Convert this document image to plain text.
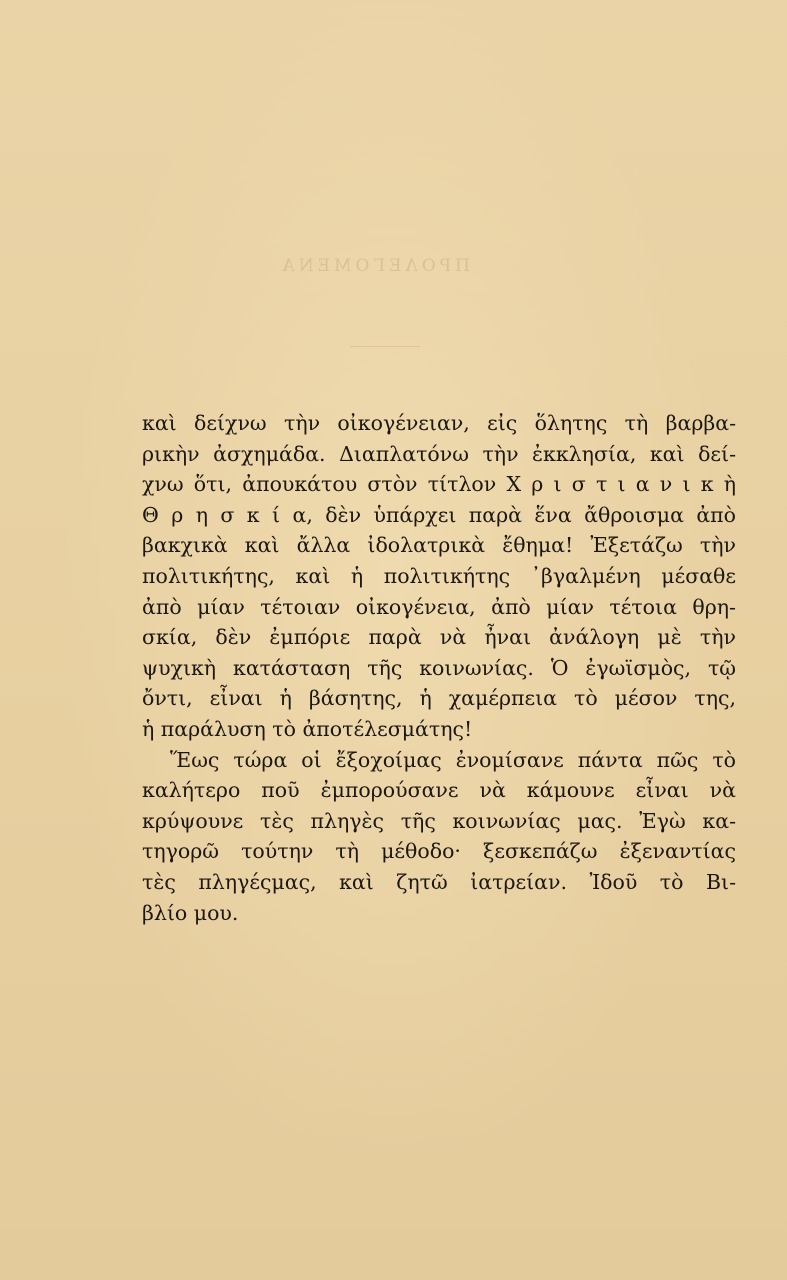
ΠΡΟΛΕΓΟΜΕΝΑ
καὶ δείχνω τὴν οἰκογένειαν, εἰς ὅλητης τὴ βαρβα-
ρικὴν ἀσχημάδα. Διαπλατόνω τὴν ἐκκλησία, καὶ δεί-
χνω ὅτι, ἀπουκάτου στὸν τίτλον Χ ρ ι σ τ ι α ν ι κ ὴ
Θ ρ η σ κ ί α, δὲν ὑπάρχει παρὰ ἕνα ἄθροισμα ἀπὸ
βακχικὰ καὶ ἄλλα ἰδολατρικὰ ἔθημα! Ἐξετάζω τὴν
πολιτικήτης, καὶ ἡ πολιτικήτης ᾿βγαλμένη μέσαθε
ἀπὸ μίαν τέτοιαν οἰκογένεια, ἀπὸ μίαν τέτοια θρη-
σκία, δὲν ἐμπόριε παρὰ νὰ ἦναι ἀνάλογη μὲ τὴν
ψυχικὴ κατάσταση τῆς κοινωνίας. Ὁ ἐγωϊσμὸς, τῷ
ὄντι, εἶναι ἡ βάσητης, ἡ χαμέρπεια τὸ μέσον της,
ἡ παράλυση τὸ ἀποτέλεσμάτης!
Ἕως τώρα οἱ ἔξοχοίμας ἐνομίσανε πάντα πῶς τὸ
καλήτερο ποῦ ἐμπορούσανε νὰ κάμουνε εἶναι νὰ
κρύψουνε τὲς πληγὲς τῆς κοινωνίας μας. Ἐγὼ κα-
τηγορῶ τούτην τὴ μέθοδο· ξεσκεπάζω ἐξεναντίας
τὲς πληγέςμας, καὶ ζητῶ ἰατρείαν. Ἰδοῦ τὸ Βι-
βλίο μου.
